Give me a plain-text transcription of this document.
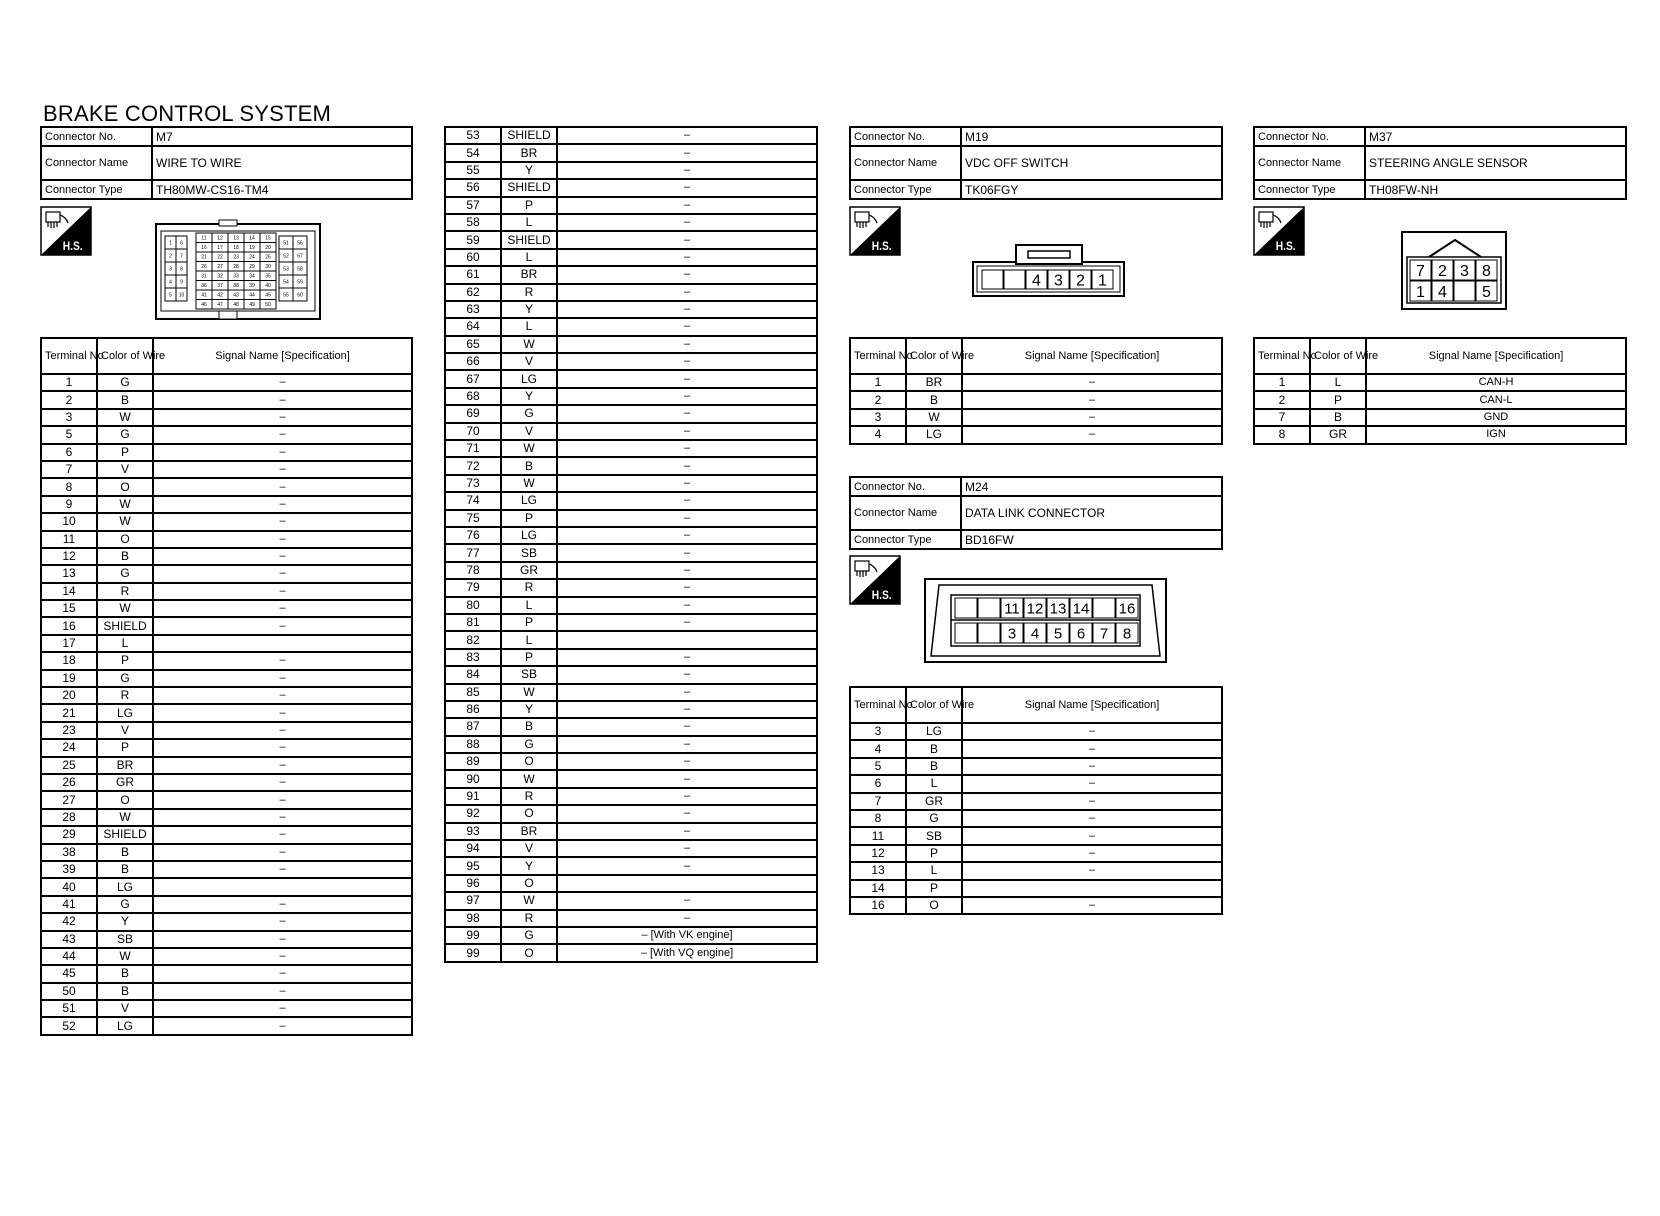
BRAKE CONTROL SYSTEM
Connector No.	M7
Connector Name	WIRE TO WIRE
Connector Type	TH80MW-CS16-TM4
H.S.	1 6
2 7
3 8
4 9
5 10
11 12 13 14 15
16 17 18 19 20
21 22 23 24 25
26 27 28 29 30
31 32 33 34 35
36 37 38 39 40
41 42 43 44 45
46 47 48 49 50
51 56
52 57
53 58
54 59
55 60
Terminal No.	Color of Wire	Signal Name [Specification]
1	G	–
2	B	–
3	W	–
5	G	–
6	P	–
7	V	–
8	O	–
9	W	–
10	W	–
11	O	–
12	B	–
13	G	–
14	R	–
15	W	–
16	SHIELD	–
17	L	
18	P	–
19	G	–
20	R	–
21	LG	–
23	V	–
24	P	–
25	BR	–
26	GR	–
27	O	–
28	W	–
29	SHIELD	–
38	B	–
39	B	–
40	LG	
41	G	–
42	Y	–
43	SB	–
44	W	–
45	B	–
50	B	–
51	V	–
52	LG	–
53	SHIELD	–
54	BR	–
55	Y	–
56	SHIELD	–
57	P	–
58	L	–
59	SHIELD	–
60	L	–
61	BR	–
62	R	–
63	Y	–
64	L	–
65	W	–
66	V	–
67	LG	–
68	Y	–
69	G	–
70	V	–
71	W	–
72	B	–
73	W	–
74	LG	–
75	P	–
76	LG	–
77	SB	–
78	GR	–
79	R	–
80	L	–
81	P	–
82	L	
83	P	–
84	SB	–
85	W	–
86	Y	–
87	B	–
88	G	–
89	O	–
90	W	–
91	R	–
92	O	–
93	BR	–
94	V	–
95	Y	–
96	O	
97	W	–
98	R	–
99	G	– [With VK engine]
99	O	– [With VQ engine]
Connector No.	M19
Connector Name	VDC OFF SWITCH
Connector Type	TK06FGY
H.S.
4 3 2 1
Terminal No.	Color of Wire	Signal Name [Specification]
1	BR	–
2	B	–
3	W	–
4	LG	–
Connector No.	M24
Connector Name	DATA LINK CONNECTOR
Connector Type	BD16FW
H.S.
11
3
12
4
13
5
14
6 7
16
8
Terminal No.	Color of Wire	Signal Name [Specification]
3	LG	–
4	B	–
5	B	–
6	L	–
7	GR	–
8	G	–
11	SB	–
12	P	–
13	L	–
14	P	
16	O	–
Connector No.	M37
Connector Name	STEERING ANGLE SENSOR
Connector Type	TH08FW-NH
H.S.
7
1
2
4
3 8
5
Terminal No.	Color of Wire	Signal Name [Specification]
1	L	CAN-H
2	P	CAN-L
7	B	GND
8	GR	IGN
